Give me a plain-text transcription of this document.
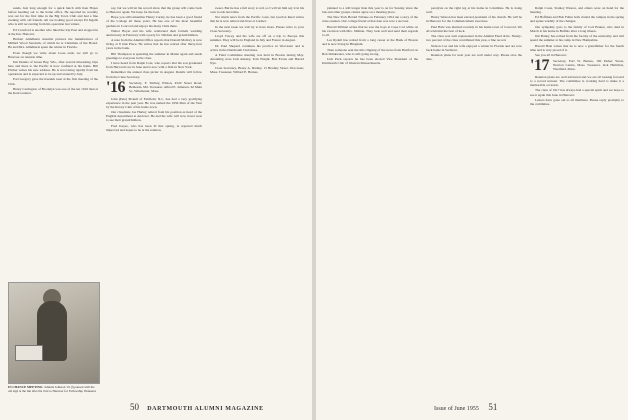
sands. Just long enough for a quick lunch with Ken Hayes before heading out to the home office. He reported he recently was out for the first time in the Big Town Club and had a fine evening with old friends. All are looking good except Ed Ingalls who is still recovering from his operation last winter.

Ed Crawford is another who liked the trip East and stopped in at the Inn. Hanover.

Herbert Almdhariz sizeable pictures the manufacturer of Millard Wood Sanctum, of which he is Chairman of the Board. He and Mrs. Almdhariz spent the winter in Florida.

Even though we write about loose ends, we still go to Hanover on reunion time.

Jim Dennis of Green Bay, Wis., after several interesting trips here and there to the Pacific is now confined at his home. Bill Pitcher writes his new address. He is recovering rapidly from his operations and is expected to be up and around by July.

Earl Gregory gave the Kazakh toast at the first meeting of the Club.

Henry Carrington of Brooklyn was one of the ten 1916 men at the Kent reunion.

IN CHANCE MEETING: Johnnie Johnson '16 (l) paused with the old sign at the Inn after his visit to Hanover for Fellowship Weekend.

say, but we will let the record show that the group will come back to Hanover again. We hope for the best.

Hope you still remember Henry Carley, he has been a good friend of the College all these years. He has one of the most beautiful gardens in Concord and enjoys his many visits there.

Walter Boyer and his wife celebrated their fortieth wedding anniversary in February with a party for children and grandchildren.

A note from the Alumni Office reports that Donald Mallory is now living at 8 Oak Place. He writes that he has retired after thirty-four years in the bank.

Bill Thompson is spending the summer in Maine again and sends greetings to everyone in the class.

I have heard from Ralph Cole, who reports that his son graduated from Harvard Law in June and is now with a firm in New York.

Remember the annual class picnic in August. Details will follow from the Class Secretary.

'16 Secretary, F. Stirling Wilson, 4520 Street Road, Bethesda, Md. Treasurer, Alfred E. Jameson, 62 Main St., Winchester, Mass.

John (Pete) Pickell of Fairfield, N.J., has had a very gratifying experience in the past year. He was named the 1956 Man of the Year by the Rotary Club of his home town.

Our classmate Joe Hurley retired from his position as head of the English department at Andover. He and his wife will now travel west to see their grandchildren.

Fred Keyes, who has been ill this spring, is reported much improved and hopes to be at the reunion.

sweet. But he has a full story to tell, so I will let him say it in his own words next time.

Not much news from the Pacific coast, but Gordon Reed writes that he is now retired and lives at Carmel.

In the next issue we will try to have more. Please write to your Class Secretary.

Lloyd Tracey and his wife are off on a trip to Europe this summer. They will be in England in July and France in August.

Dr. Paul Shepard continues his practice in Worcester and is active in the Dartmouth Club there.

A Fund Committee meeting was held in Boston during May. Attending were Jack Ainsley, Tom Wright, Bob Evans and Harold Nye.

Class Secretary, Henry A. Dudley, 15 Bradley Street, Worcester, Mass. Treasurer, Willard E. Barnes.

50 DARTMOUTH ALUMNI MAGAZINE

planned to a still longer than this year is on for Sunday since the bus and other groups cannot agree on a meeting place.

The New York Herald Tribune on February 1954 ran a story of the class reunion. Our college friend at that date was now a success.

Harold Sillman writes that he saw the boys at Cape Cod while on his vacation with Mrs. Sillman. They look well and send their regards to all.

Les Rydell has retired from a long career at the Bank of Boston and is now living in Hingham.

Then someone sent me this clipping of the news from Hartford on Bob Drinkwater, who is still going strong.

Jack Peck reports he has been elected Vice President of the Dartmouth Club of Western Massachusetts.

paralysis on the right leg at his home in Columbus. He is doing well.

Henry Weston has been elected president of his church. He will be in Hanover for the Commencement exercises.

Paul Hale was married recently in his home town of Concord. We all wish him the best of luck.

The class was well represented in the Alumni Fund drive. Ninety-two percent of the class contributed this year, a fine record.

Nelson Coe and his wife enjoyed a winter in Florida and are now back home in Vermont.

Reunion plans for next year are well under way. Please save the date.

Ralph Costa, Stanley Weston, and others were on hand for the meeting.

Ed Hoffman and Bob Fuller both visited the campus in the spring and spoke warmly of the changes.

Our sympathy goes to the family of Carl Bruner, who died in March at his home in Buffalo after a long illness.

Jim Bailey has retired from the faculty of the university and will spend the summer at his camp in New Hampshire.

Harold Hale writes that he is now a grandfather for the fourth time and is very proud of it.

See you all in Hanover.

'17 Secretary, Earl W. Barnes, 100 Parker Street, Newton Centre, Mass. Treasurer, Jack Hamilton, Westfield, Mass.

Reunion plans are well advanced and we are all looking forward to a record turnout. The committee is working hard to make it a memorable occasion.

The class of 1917 has always had a special spirit and we hope to see it again this June in Hanover.

Letters have gone out to all members. Please reply promptly to the committee.

Issue of June 1955 51
